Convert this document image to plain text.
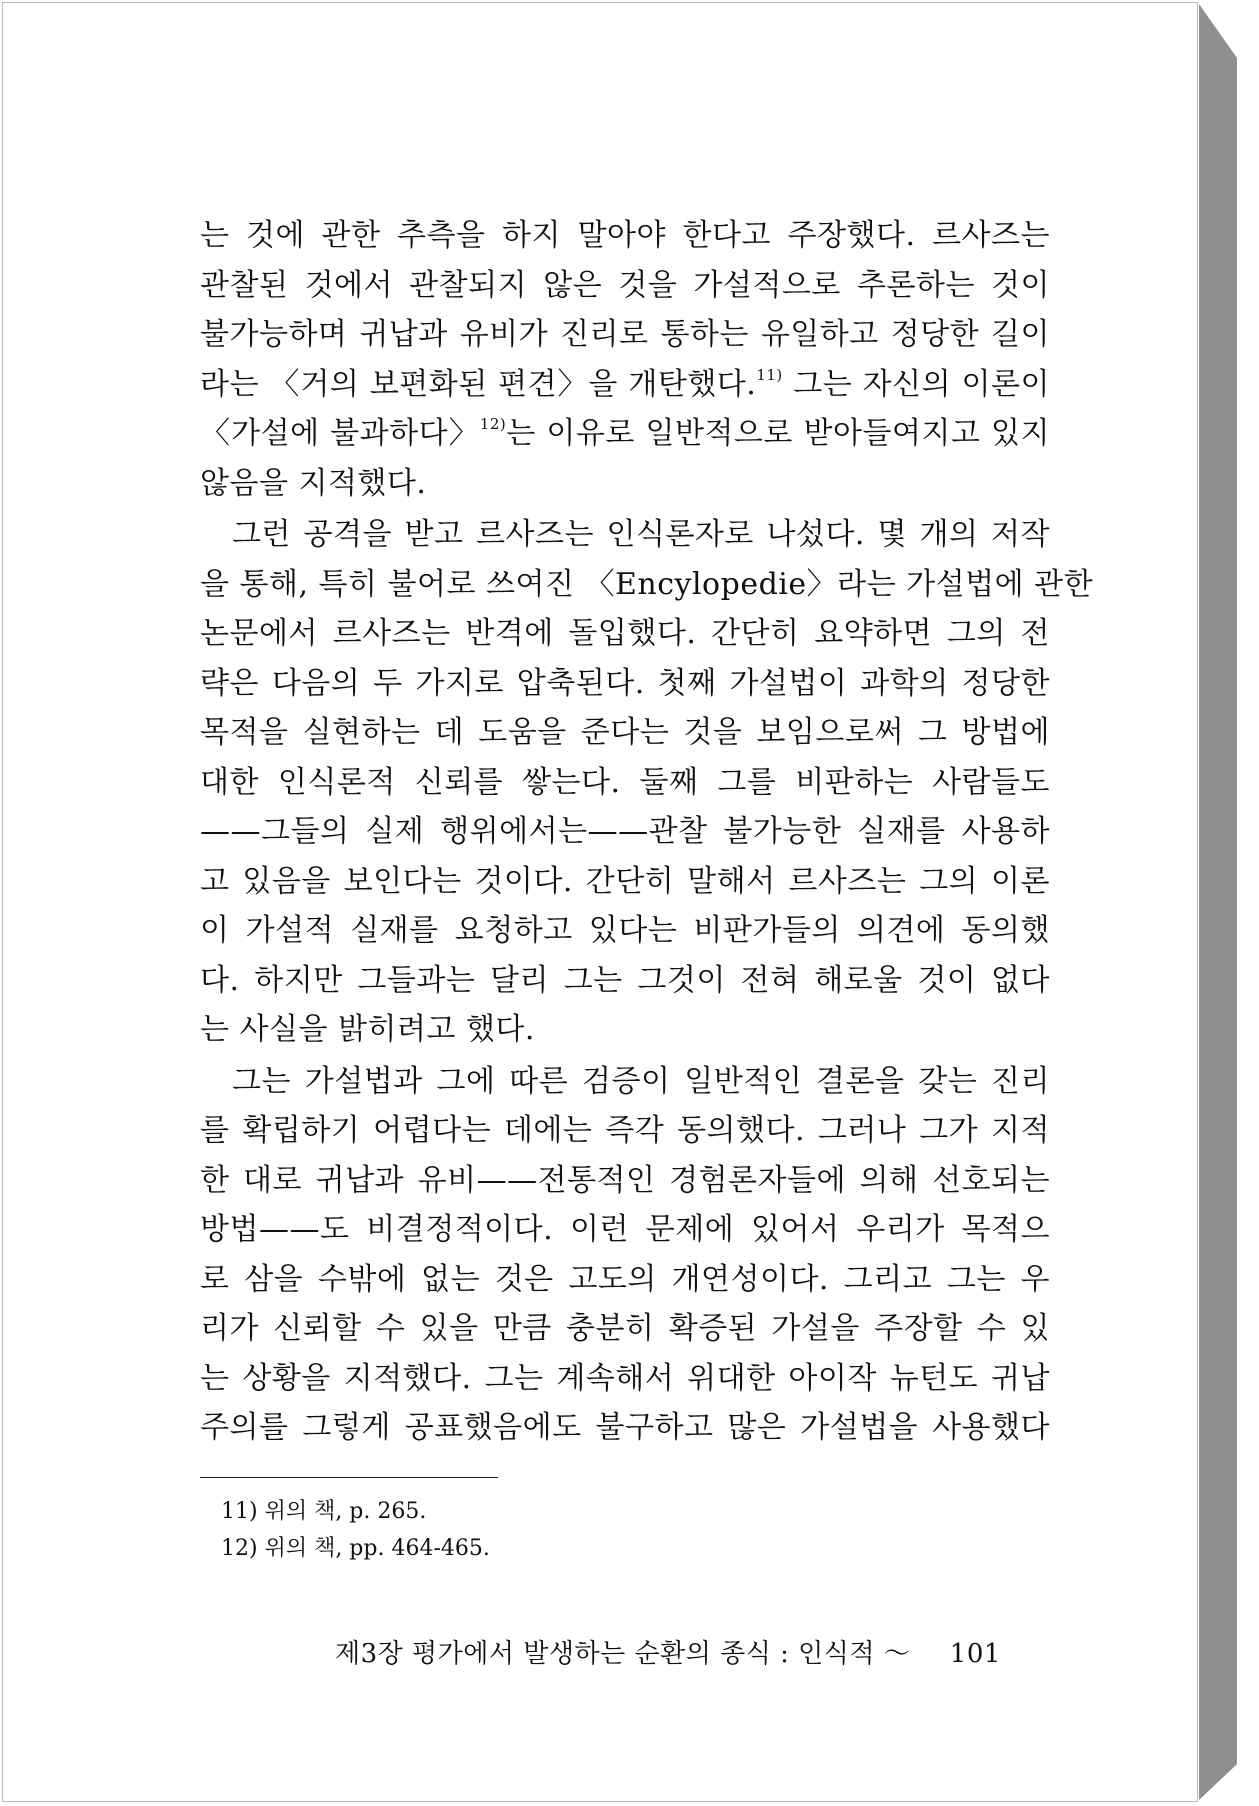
는 것에 관한 추측을 하지 말아야 한다고 주장했다. 르사즈는
관찰된 것에서 관찰되지 않은 것을 가설적으로 추론하는 것이
불가능하며 귀납과 유비가 진리로 통하는 유일하고 정당한 길이
라는 〈거의 보편화된 편견〉을 개탄했다.$^{11)}$ 그는 자신의 이론이
〈가설에 불과하다〉$^{12)}$는 이유로 일반적으로 받아들여지고 있지
않음을 지적했다.
그런 공격을 받고 르사즈는 인식론자로 나섰다. 몇 개의 저작
을 통해, 특히 불어로 쓰여진 〈Encylopedie〉라는 가설법에 관한
논문에서 르사즈는 반격에 돌입했다. 간단히 요약하면 그의 전
략은 다음의 두 가지로 압축된다. 첫째 가설법이 과학의 정당한
목적을 실현하는 데 도움을 준다는 것을 보임으로써 그 방법에
대한 인식론적 신뢰를 쌓는다. 둘째 그를 비판하는 사람들도
——그들의 실제 행위에서는——관찰 불가능한 실재를 사용하
고 있음을 보인다는 것이다. 간단히 말해서 르사즈는 그의 이론
이 가설적 실재를 요청하고 있다는 비판가들의 의견에 동의했
다. 하지만 그들과는 달리 그는 그것이 전혀 해로울 것이 없다
는 사실을 밝히려고 했다.
그는 가설법과 그에 따른 검증이 일반적인 결론을 갖는 진리
를 확립하기 어렵다는 데에는 즉각 동의했다. 그러나 그가 지적
한 대로 귀납과 유비——전통적인 경험론자들에 의해 선호되는
방법——도 비결정적이다. 이런 문제에 있어서 우리가 목적으
로 삼을 수밖에 없는 것은 고도의 개연성이다. 그리고 그는 우
리가 신뢰할 수 있을 만큼 충분히 확증된 가설을 주장할 수 있
는 상황을 지적했다. 그는 계속해서 위대한 아이작 뉴턴도 귀납
주의를 그렇게 공표했음에도 불구하고 많은 가설법을 사용했다
11) 위의 책, p. 265.
12) 위의 책, pp. 464-465.
제3장 평가에서 발생하는 순환의 종식 : 인식적 ～ 101
